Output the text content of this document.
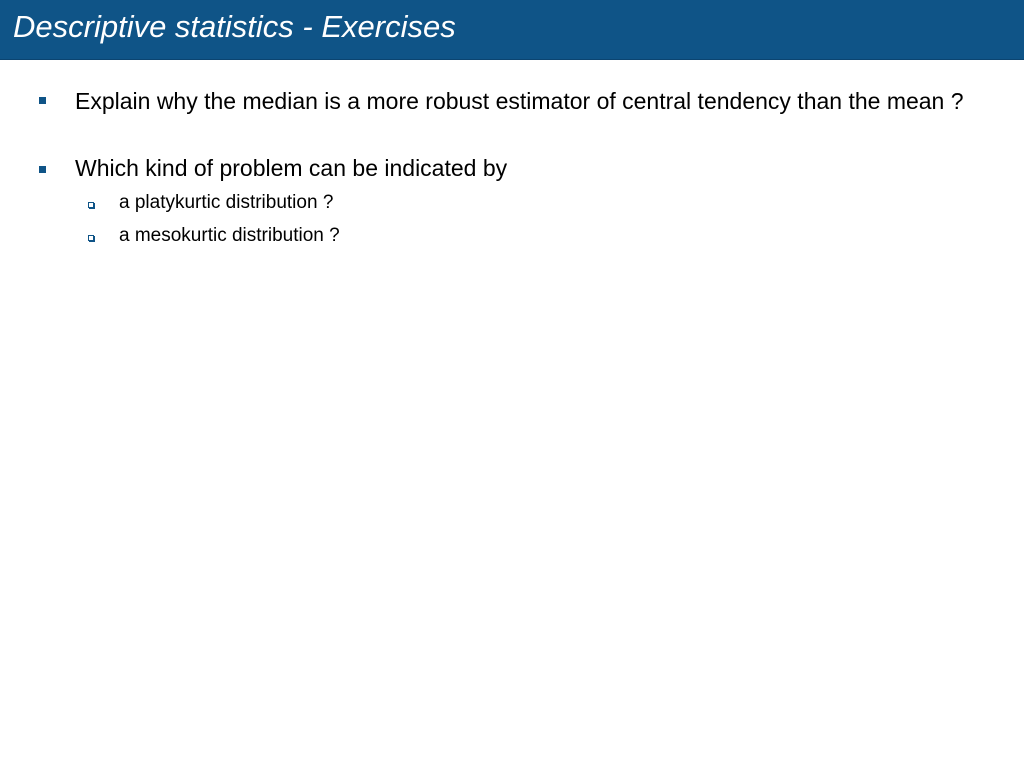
Descriptive statistics - Exercises
Explain why the median is a more robust estimator of central tendency than the mean ?
Which kind of problem can be indicated by
a platykurtic distribution ?
a mesokurtic distribution ?
